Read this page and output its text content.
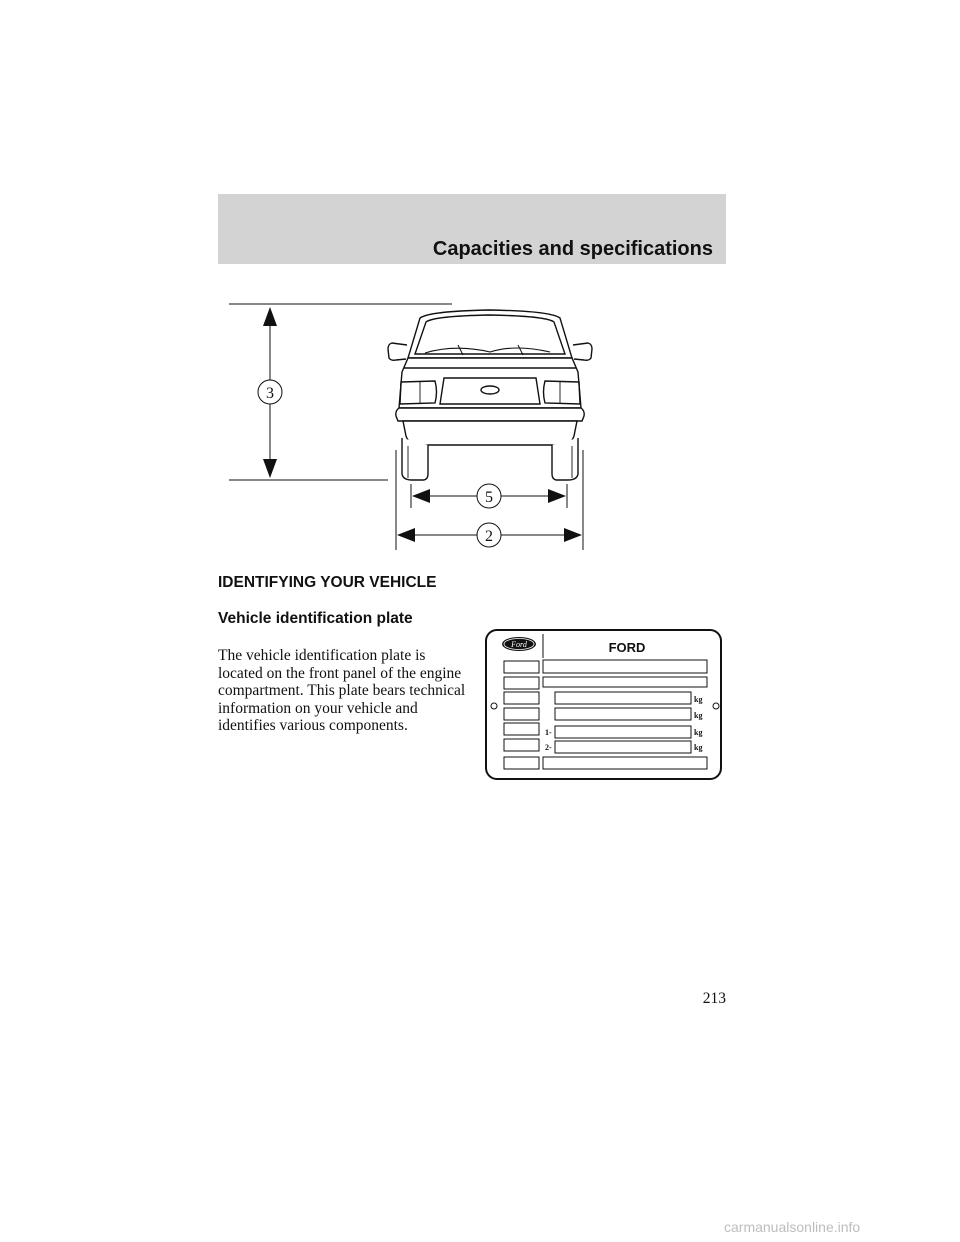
Capacities and specifications
3
5
2
IDENTIFYING YOUR VEHICLE
Vehicle identification plate
The vehicle identification plate is located on the front panel of the engine compartment. This plate bears technical information on your vehicle and identifies various components.
Ford	FORD
kg
kg
kg
kg
1-
2-
213
carmanualsonline.info
